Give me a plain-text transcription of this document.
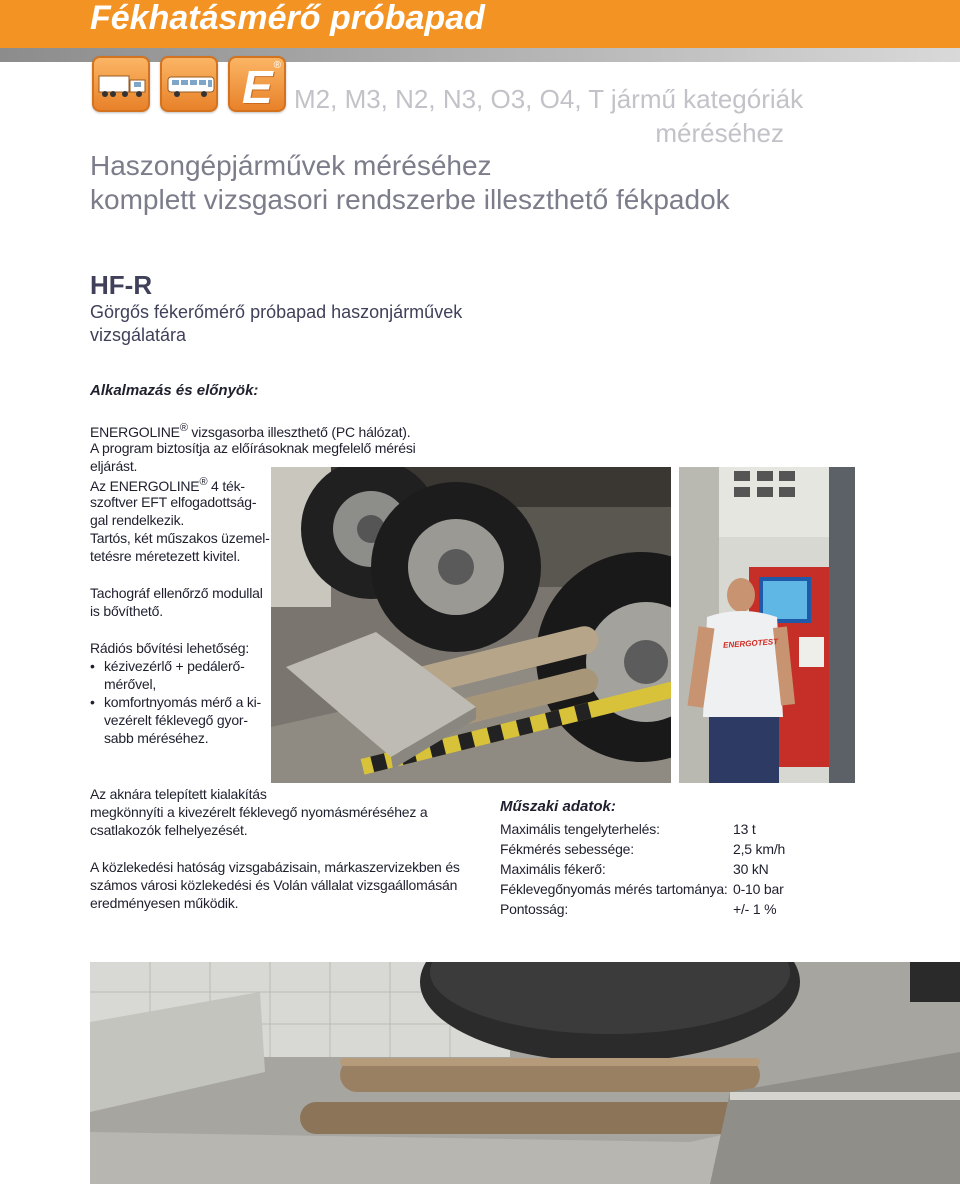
Fékhatásmérő próbapad
E ®
M2, M3, N2, N3, O3, O4, T jármű kategóriák
méréséhez
Haszongépjárművek méréséhez
komplett vizsgasori rendszerbe illeszthető fékpadok
HF-R
Görgős fékerőmérő próbapad haszonjárművek
vizsgálatára
Alkalmazás és előnyök:
ENERGOLINE® vizsgasorba illeszthető (PC hálózat).
A program biztosítja az előírásoknak megfelelő mérési
eljárást.
Az ENERGOLINE® 4 ték-
szoftver EFT elfogadottság-
gal rendelkezik.
Tartós, két műszakos üzemel-
tetésre méretezett kivitel.
Tachográf ellenőrző modullal
is bővíthető.
Rádiós bővítési lehetőség:
• kézivezérlő + pedálerő-
mérővel,
• komfortnyomás mérő a ki-
vezérelt féklevegő gyor-
sabb méréséhez.
ENERGOTEST
Az aknára telepített kialakítás
megkönnyíti a kivezérelt féklevegő nyomásméréséhez a
csatlakozók felhelyezését.
A közlekedési hatóság vizsgabázisain, márkaszervizekben és
számos városi közlekedési és Volán vállalat vizsgaállomásán
eredményesen működik.
Műszaki adatok:
Maximális tengelyterhelés:	13 t
Fékmérés sebessége:	2,5 km/h
Maximális fékerő:	30 kN
Féklevegőnyomás mérés tartománya: 0-10 bar
Pontosság:	+/- 1 %
